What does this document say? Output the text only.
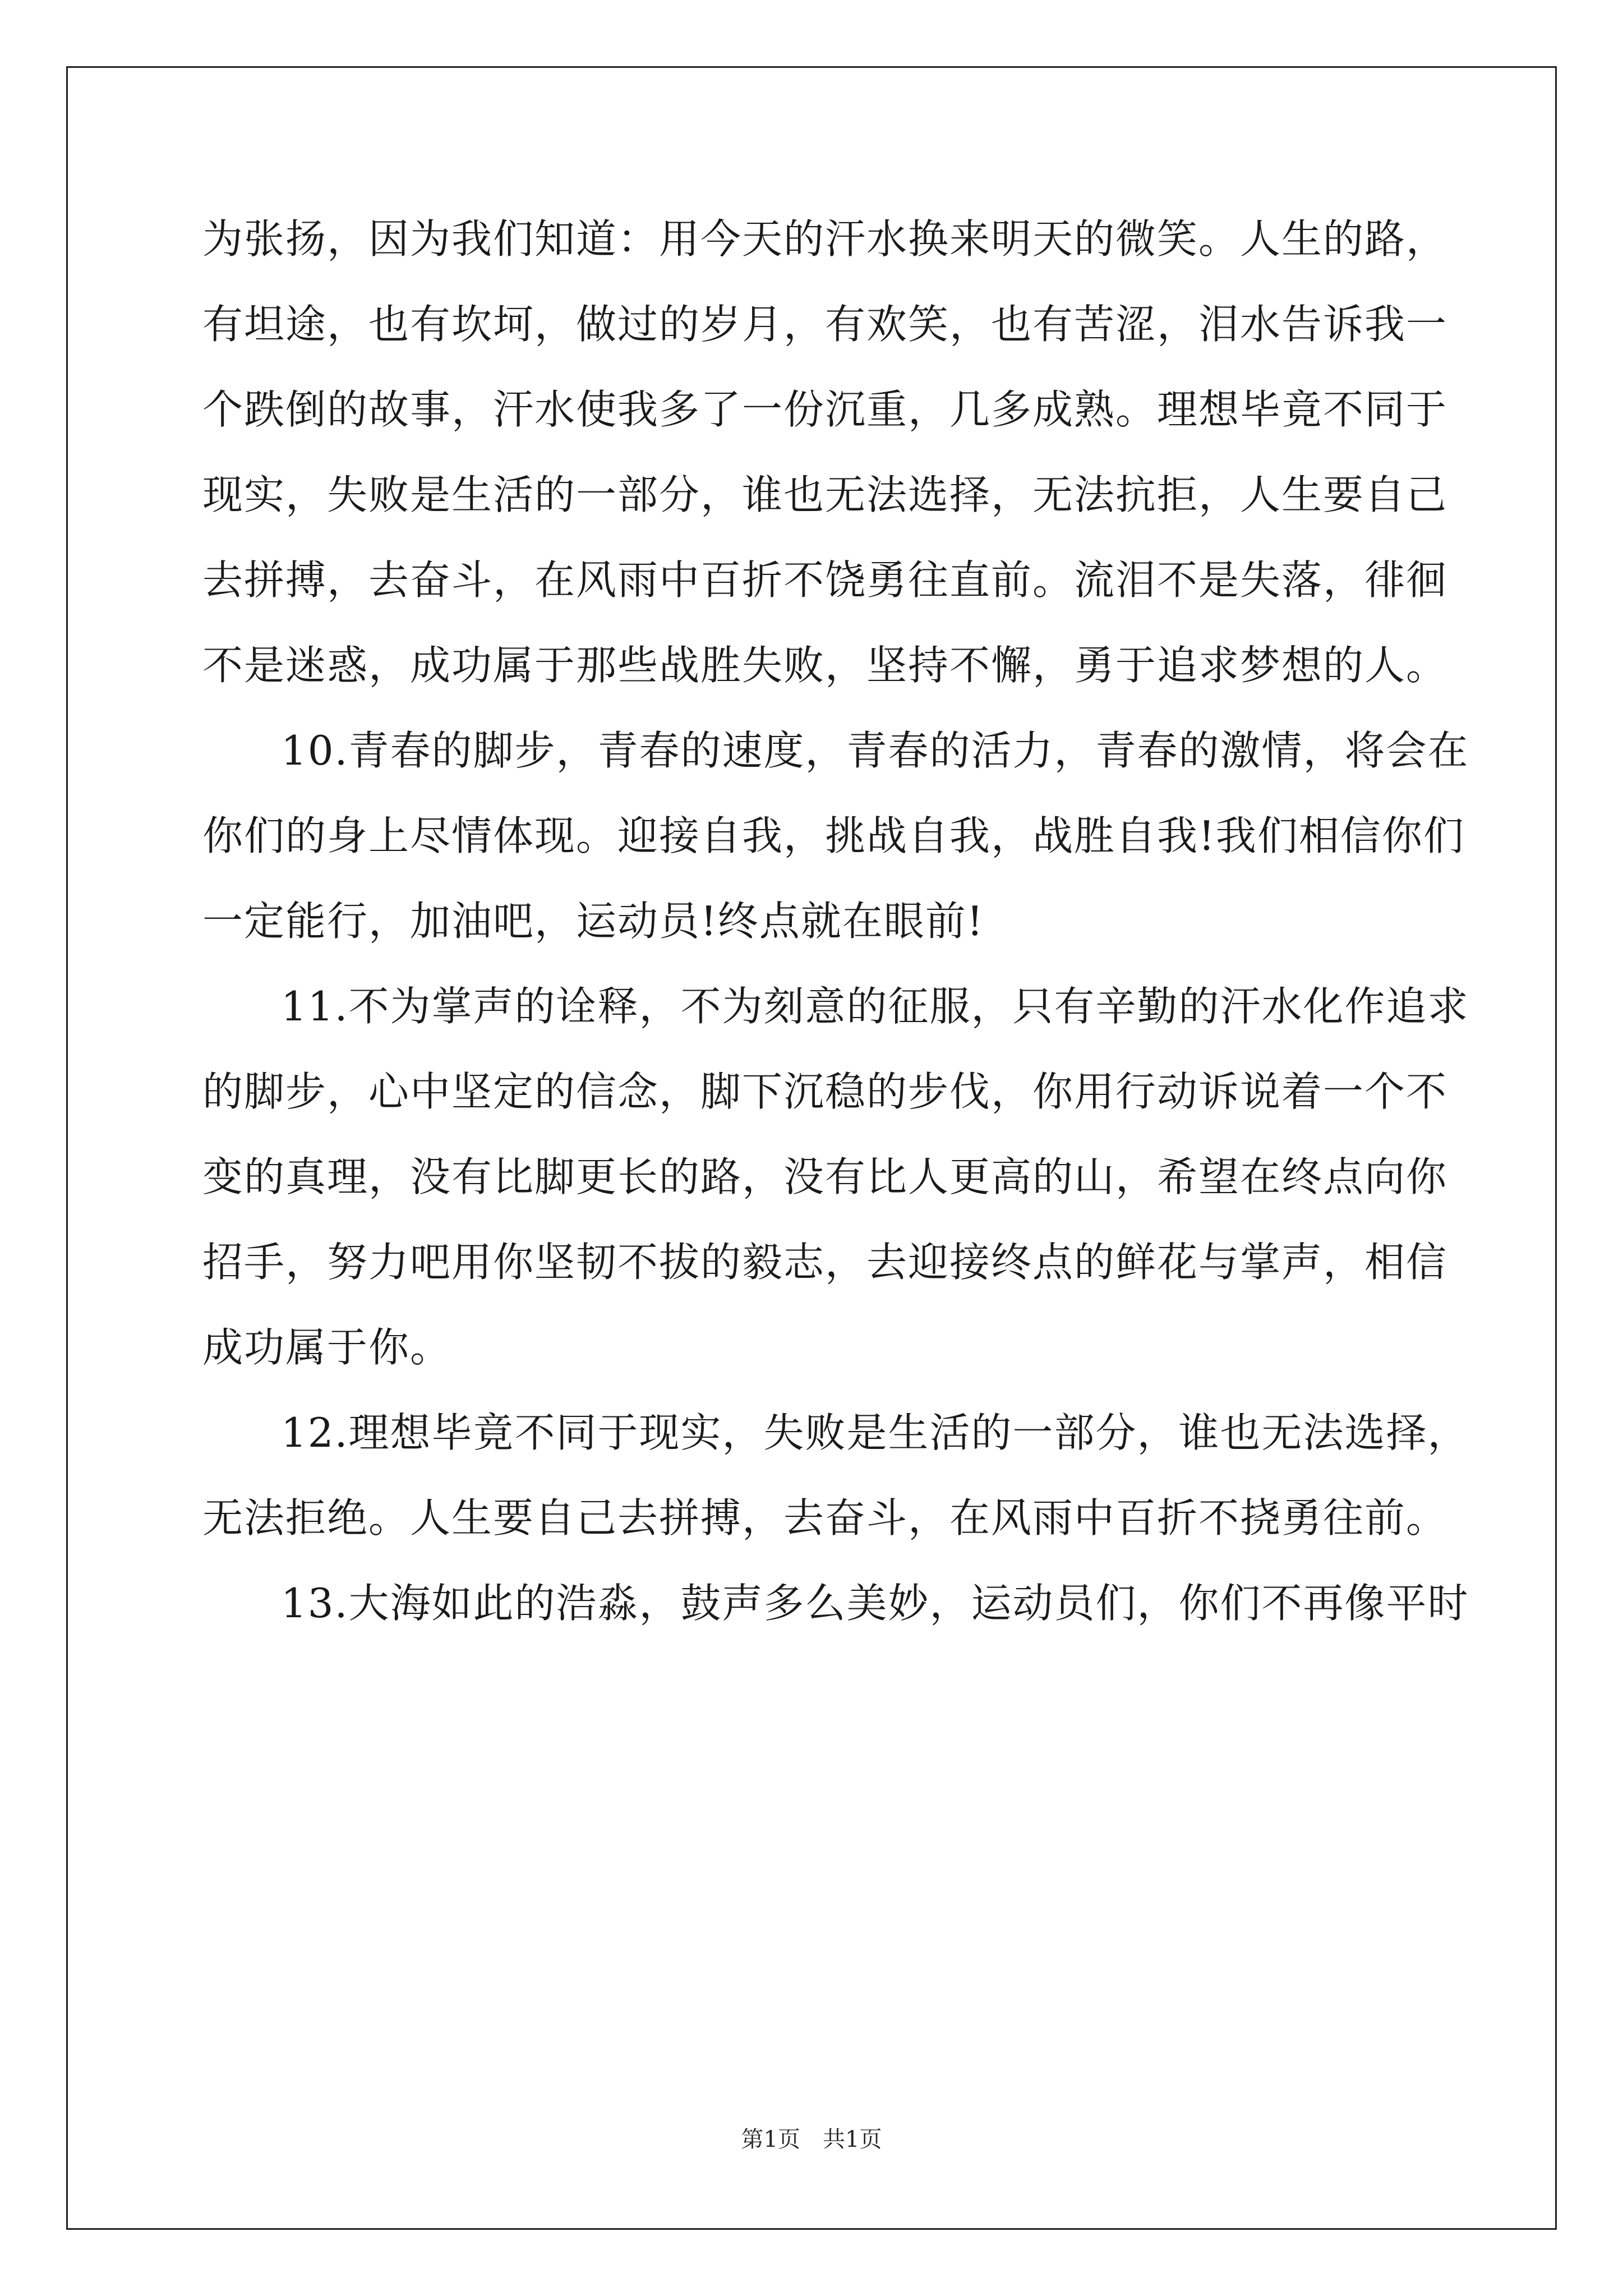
为张扬，因为我们知道：用今天的汗水换来明天的微笑。人生的路，
有坦途，也有坎坷，做过的岁月，有欢笑，也有苦涩，泪水告诉我一
个跌倒的故事，汗水使我多了一份沉重，几多成熟。理想毕竟不同于
现实，失败是生活的一部分，谁也无法选择，无法抗拒，人生要自己
去拼搏，去奋斗，在风雨中百折不饶勇往直前。流泪不是失落，徘徊
不是迷惑，成功属于那些战胜失败，坚持不懈，勇于追求梦想的人。
10.青春的脚步，青春的速度，青春的活力，青春的激情，将会在
你们的身上尽情体现。迎接自我，挑战自我，战胜自我!我们相信你们
一定能行，加油吧，运动员!终点就在眼前!
11.不为掌声的诠释，不为刻意的征服，只有辛勤的汗水化作追求
的脚步，心中坚定的信念，脚下沉稳的步伐，你用行动诉说着一个不
变的真理，没有比脚更长的路，没有比人更高的山，希望在终点向你
招手，努力吧用你坚韧不拔的毅志，去迎接终点的鲜花与掌声，相信
成功属于你。
12.理想毕竟不同于现实，失败是生活的一部分，谁也无法选择，
无法拒绝。人生要自己去拼搏，去奋斗，在风雨中百折不挠勇往前。
13.大海如此的浩淼，鼓声多么美妙，运动员们，你们不再像平时
第1页　共1页
